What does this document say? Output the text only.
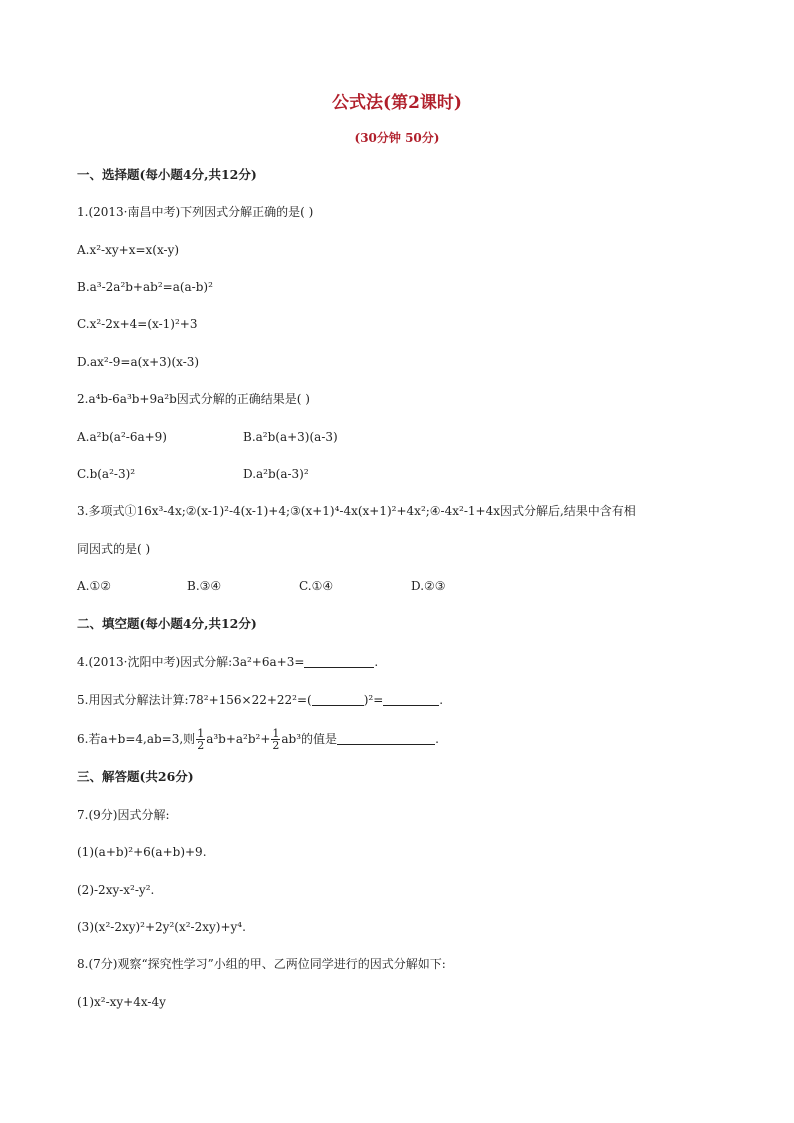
公式法(第2课时)
(30分钟 50分)
一、选择题(每小题4分,共12分)
1.(2013·南昌中考)下列因式分解正确的是( )
A.x²-xy+x=x(x-y)
B.a³-2a²b+ab²=a(a-b)²
C.x²-2x+4=(x-1)²+3
D.ax²-9=a(x+3)(x-3)
2.a⁴b-6a³b+9a²b因式分解的正确结果是( )
A.a²b(a²-6a+9)	B.a²b(a+3)(a-3)
C.b(a²-3)²	D.a²b(a-3)²
3.多项式①16x³-4x;②(x-1)²-4(x-1)+4;③(x+1)⁴-4x(x+1)²+4x²;④-4x²-1+4x因式分解后,结果中含有相
同因式的是( )
A.①②	B.③④	C.①④	D.②③
二、填空题(每小题4分,共12分)
4.(2013·沈阳中考)因式分解:3a²+6a+3=	.
5.用因式分解法计算:78²+156×22+22²=(	)²=	.
6.若a+b=4,ab=3,则 $\frac{1}{2} a^3b+a^2b^2+ \frac{1}{2} ab^3$的值是	.
三、解答题(共26分)
7.(9分)因式分解:
(1)(a+b)²+6(a+b)+9.
(2)-2xy-x²-y².
(3)(x²-2xy)²+2y²(x²-2xy)+y⁴.
8.(7分)观察“探究性学习”小组的甲、乙两位同学进行的因式分解如下:
(1)x²-xy+4x-4y
